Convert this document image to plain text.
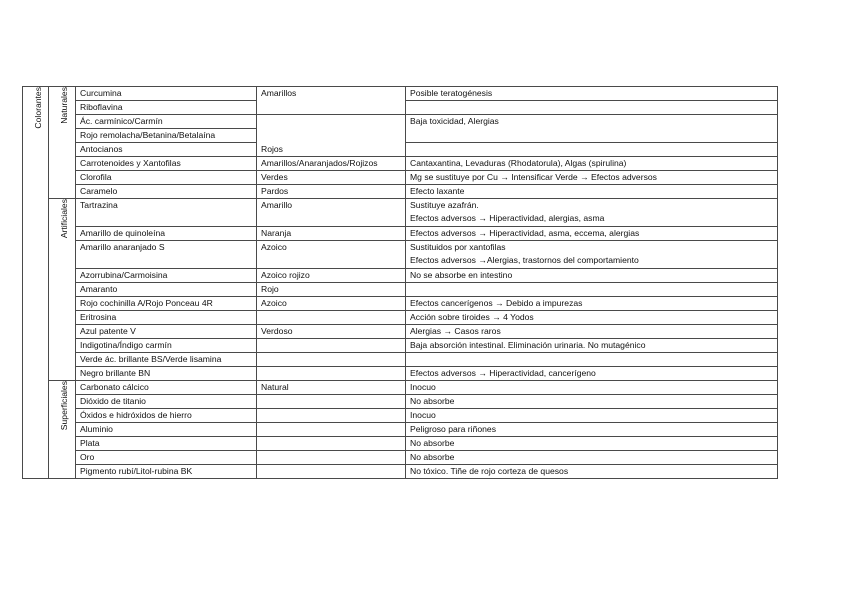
Colorantes	Naturales	Curcumina	Amarillos	Posible teratogénesis
		Riboflavina		
		Ác. carmínico/Carmín	Rojos	Baja toxicidad, Alergias
		Rojo remolacha/Betanina/Betalaína		
		Antocianos		
		Carrotenoides y Xantofilas	Amarillos/Anaranjados/Rojizos	Cantaxantina, Levaduras (Rhodatorula), Algas (spirulina)
		Clorofila	Verdes	Mg se sustituye por Cu → Intensificar Verde → Efectos adversos
		Caramelo	Pardos	Efecto laxante
	Artificiales	Tartrazina	Amarillo	Sustituye azafrán.
Efectos adversos → Hiperactividad, alergias, asma

		Amarillo de quinoleína	Naranja	Efectos adversos → Hiperactividad, asma, eccema, alergias
		Amarillo anaranjado S	Azoico	Sustituidos por xantofilas
Efectos adversos →Alergias, trastornos del comportamiento

		Azorrubina/Carmoisina	Azoico rojizo	No se absorbe en intestino
		Amaranto	Rojo	
		Rojo cochinilla A/Rojo Ponceau 4R	Azoico	Efectos cancerígenos → Debido a impurezas
		Eritrosina		Acción sobre tiroides → 4 Yodos
		Azul patente V	Verdoso	Alergias → Casos raros
		Indigotina/Índigo carmín		Baja absorción intestinal. Eliminación urinaria. No mutagénico
		Verde ác. brillante BS/Verde lisamina		
		Negro brillante BN		Efectos adversos → Hiperactividad, cancerígeno
	Superficiales	Carbonato cálcico	Natural	Inocuo
		Dióxido de titanio		No absorbe
		Óxidos e hidróxidos de hierro		Inocuo
		Aluminio		Peligroso para riñones
		Plata		No absorbe
		Oro		No absorbe
		Pigmento rubí/Litol-rubina BK		No tóxico. Tiñe de rojo corteza de quesos
